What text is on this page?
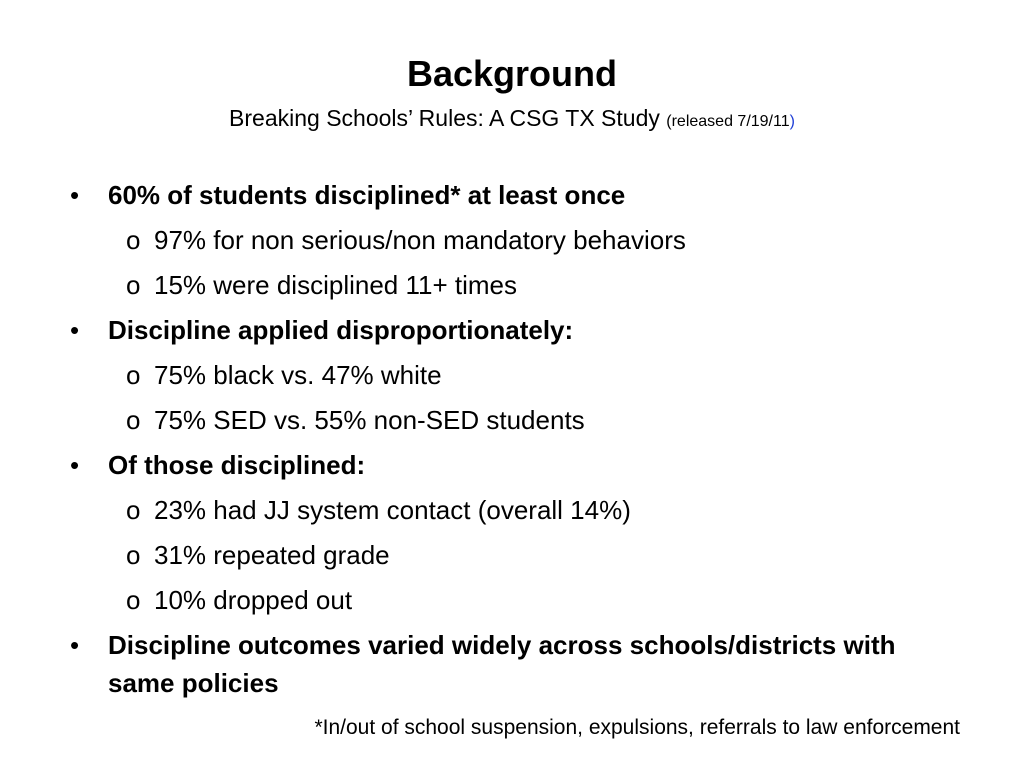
Background
Breaking Schools’ Rules: A CSG TX Study (released 7/19/11)
•	60% of students disciplined* at least once
o 97% for non serious/non mandatory behaviors
o 15% were disciplined 11+ times
•	Discipline applied disproportionately:
o 75% black vs. 47% white
o 75% SED vs. 55% non-SED students
•	Of those disciplined:
o 23% had JJ system contact (overall 14%)
o 31% repeated grade
o 10% dropped out
•	Discipline outcomes varied widely across schools/districts with same policies
*In/out of school suspension, expulsions, referrals to law enforcement
